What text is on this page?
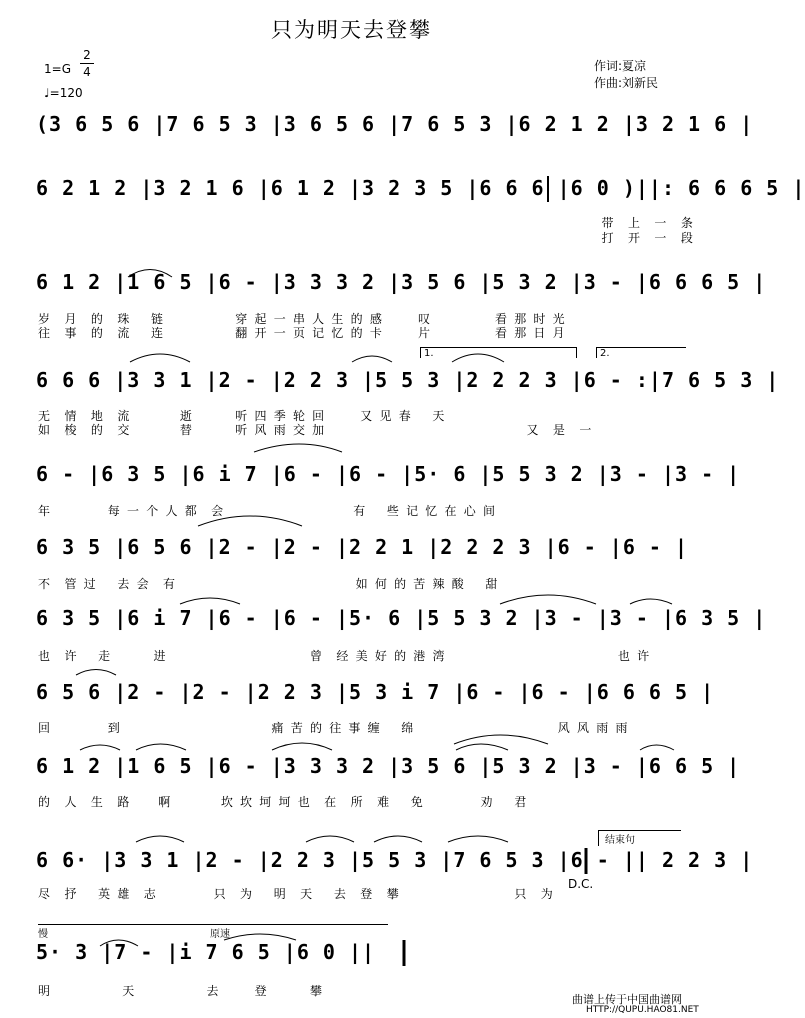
只为明天去登攀
1=G
2
4
♩=120
作词:夏凉
作曲:刘新民
(3 6 5 6 |7 6 5 3 |3 6 5 6 |7 6 5 3 |6 2 1 2 |3 2 1 6 |
6 2 1 2 |3 2 1 6 |6 1 2 |3 2 3 5 |6 6 6 |6 0 )||: 6 6 6 5 |
6 1 2 |1 6 5 |6 - |3 3 3 2 |3 5 6 |5 3 2 |3 - |6 6 6 5 |
6 6 6 |3 3 1 |2 - |2 2 3 |5 5 3 |2 2 2 3 |6 - :|7 6 5 3 |
6 - |6 3 5 |6 i 7 |6 - |6 - |5· 6 |5 5 3 2 |3 - |3 - |
6 3 5 |6 5 6 |2 - |2 - |2 2 1 |2 2 2 3 |6 - |6 - |
6 3 5 |6 i 7 |6 - |6 - |5· 6 |5 5 3 2 |3 - |3 - |6 3 5 |
6 5 6 |2 - |2 - |2 2 3 |5 3 i 7 |6 - |6 - |6 6 6 5 |
6 1 2 |1 6 5 |6 - |3 3 3 2 |3 5 6 |5 3 2 |3 - |6 6 5 |
6 6· |3 3 1 |2 - |2 2 3 |5 5 3 |7 6 5 3 |6 - || 2 2 3 |
5· 3 |7 - |i 7 6 5 |6 0 ||
带  上  一  条
打  开  一  段
岁  月  的  珠   链          穿 起 一 串 人 生 的 感     叹         看 那 时 光
往  事  的  流   连          翻 开 一 页 记 忆 的 卡     片         看 那 日 月
无  情  地  流       逝      听 四 季 轮 回     又 见 春   天
如  梭  的  交       替      听 风 雨 交 加                            又  是  一
年        每 一 个 人 都  会                  有   些 记 忆 在 心 间
不  管 过   去 会  有                         如 何 的 苦 辣 酸   甜
也  许   走      进                    曾  经 美 好 的 港 湾                        也 许
回        到                     痛 苦 的 往 事 缠   绵                    风 风 雨 雨
的  人  生  路    啊       坎 坎 坷 坷 也  在  所  难   免        劝   君
尽  抒   英 雄  志        只  为   明  天   去  登  攀                只  为
明          天          去     登      攀
1.	2.
结束句
D.C.
慢	原速
曲谱上传于中国曲谱网
HTTP://QUPU.HAO81.NET
